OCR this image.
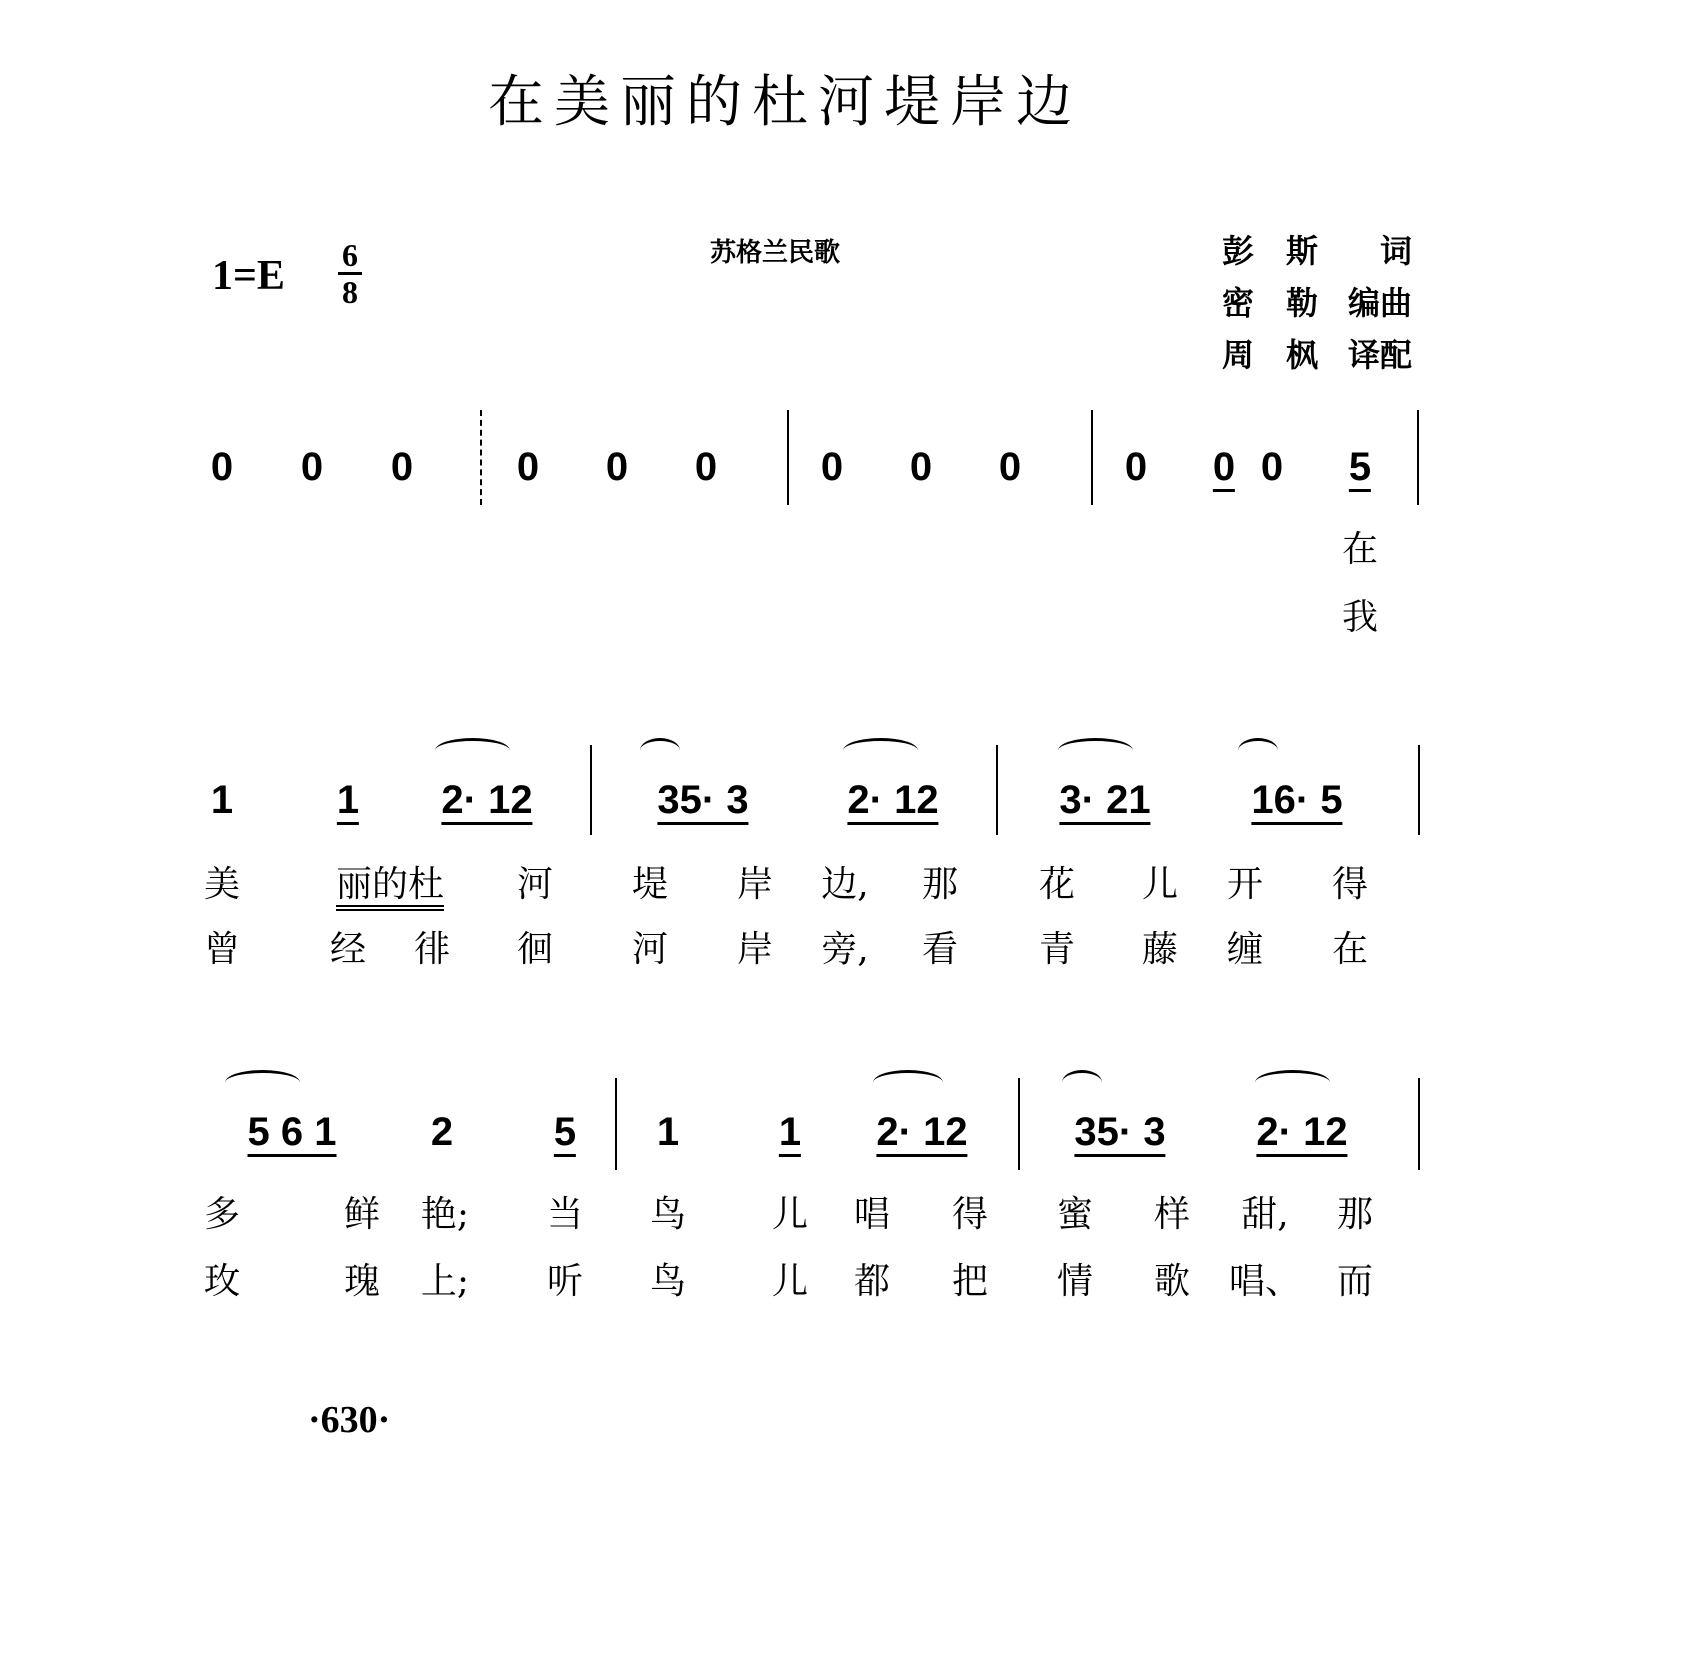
在美丽的杜河堤岸边
$1=E \frac{6}{8}$	苏格兰民歌	彭　斯 词
密　勒 编曲
周　枫 译配
0 0 0	0 0 0	0 0 0	0 0 0 5
在
我
1	1 2· 12	35· 3 2· 12	3· 21	16· 5
美	丽的杜 河 堤 岸 边, 那 花 儿 开 得
曾 经 徘 徊 河 岸 旁, 看 青 藤 缠 在
5 6 1 2	5 1 1 2· 12	35· 3 2· 12
多	鲜 艳; 当 鸟 儿 唱 得 蜜 样 甜, 那
玫	瑰 上; 听 鸟 儿 都 把 情 歌 唱、 而
·630·
